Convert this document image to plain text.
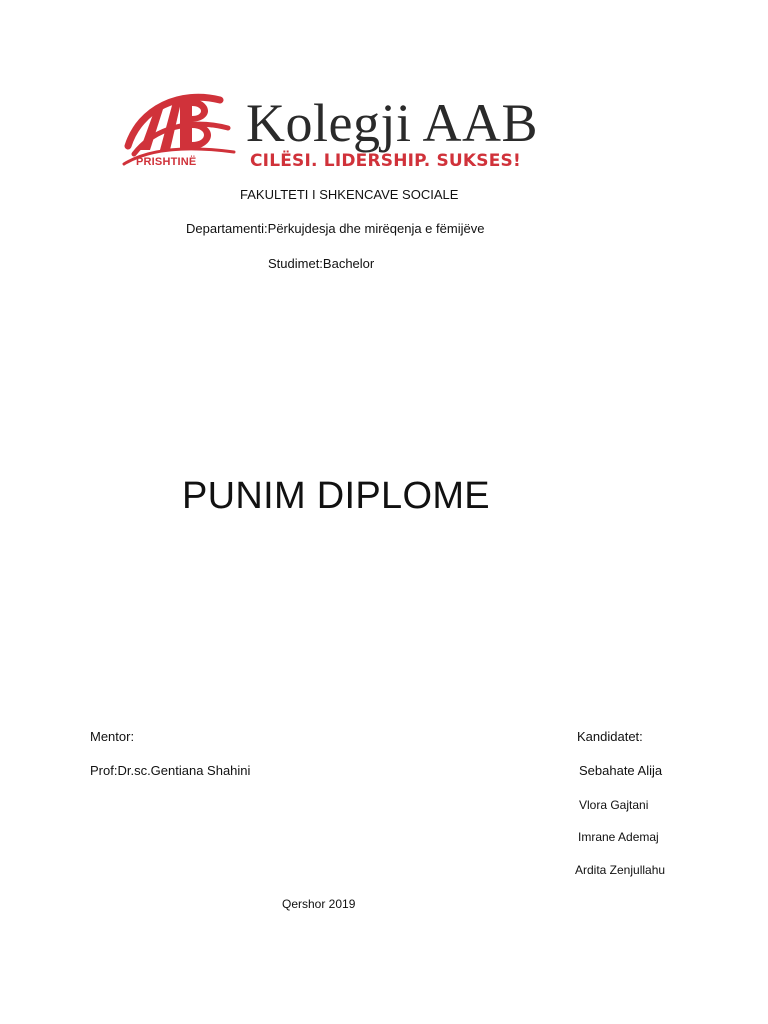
PRISHTINË
Kolegji AAB
CILËSI. LIDERSHIP. SUKSES!
FAKULTETI I SHKENCAVE SOCIALE
Departamenti:Përkujdesja dhe mirëqenja e fëmijëve
Studimet:Bachelor
PUNIM DIPLOME
Mentor:
Prof:Dr.sc.Gentiana Shahini
Kandidatet:
Sebahate Alija
Vlora Gajtani
Imrane Ademaj
Ardita Zenjullahu
Qershor 2019
